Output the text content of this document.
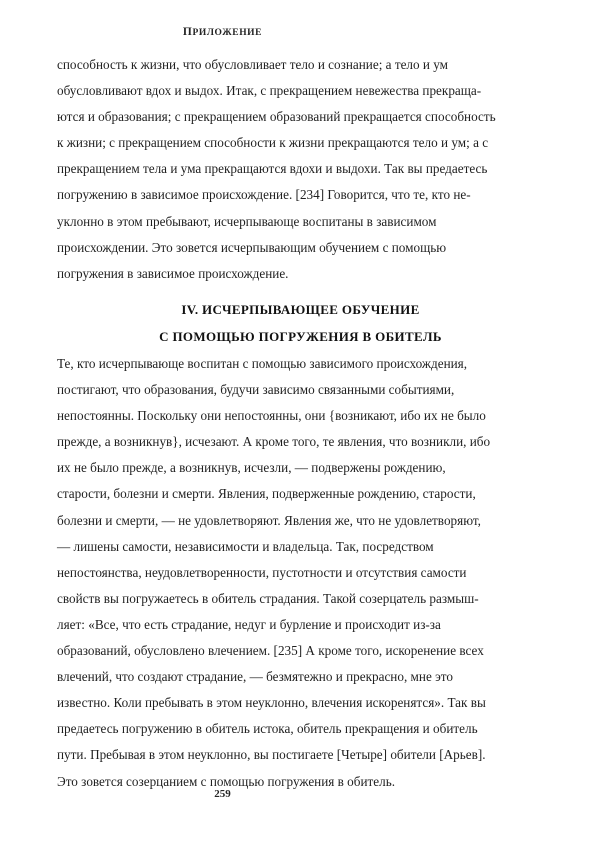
ПРИЛОЖЕНИЕ
способность к жизни, что обусловливает тело и сознание; а тело и ум
обусловливают вдох и выдох. Итак, с прекращением невежества прекраща-
ются и образования; с прекращением образований прекращается способность
к жизни; с прекращением способности к жизни прекращаются тело и ум; а с
прекращением тела и ума прекращаются вдохи и выдохи. Так вы предаетесь
погружению в зависимое происхождение. [234] Говорится, что те, кто не-
уклонно в этом пребывают, исчерпывающе воспитаны в зависимом
происхождении. Это зовется исчерпывающим обучением с помощью
погружения в зависимое происхождение.
IV. ИСЧЕРПЫВАЮЩЕЕ ОБУЧЕНИЕ
С ПОМОЩЬЮ ПОГРУЖЕНИЯ В ОБИТЕЛЬ
Те, кто исчерпывающе воспитан с помощью зависимого происхождения,
постигают, что образования, будучи зависимо связанными событиями,
непостоянны. Поскольку они непостоянны, они {возникают, ибо их не было
прежде, а возникнув}, исчезают. А кроме того, те явления, что возникли, ибо
их не было прежде, а возникнув, исчезли, — подвержены рождению,
старости, болезни и смерти. Явления, подверженные рождению, старости,
болезни и смерти, — не удовлетворяют. Явления же, что не удовлетворяют,
— лишены самости, независимости и владельца. Так, посредством
непостоянства, неудовлетворенности, пустотности и отсутствия самости
свойств вы погружаетесь в обитель страдания. Такой созерцатель размыш-
ляет: «Все, что есть страдание, недуг и бурление и происходит из-за
образований, обусловлено влечением. [235] А кроме того, искоренение всех
влечений, что создают страдание, — безмятежно и прекрасно, мне это
известно. Коли пребывать в этом неуклонно, влечения искоренятся». Так вы
предаетесь погружению в обитель истока, обитель прекращения и обитель
пути. Пребывая в этом неуклонно, вы постигаете [Четыре] обители [Арьев].
Это зовется созерцанием с помощью погружения в обитель.
259
